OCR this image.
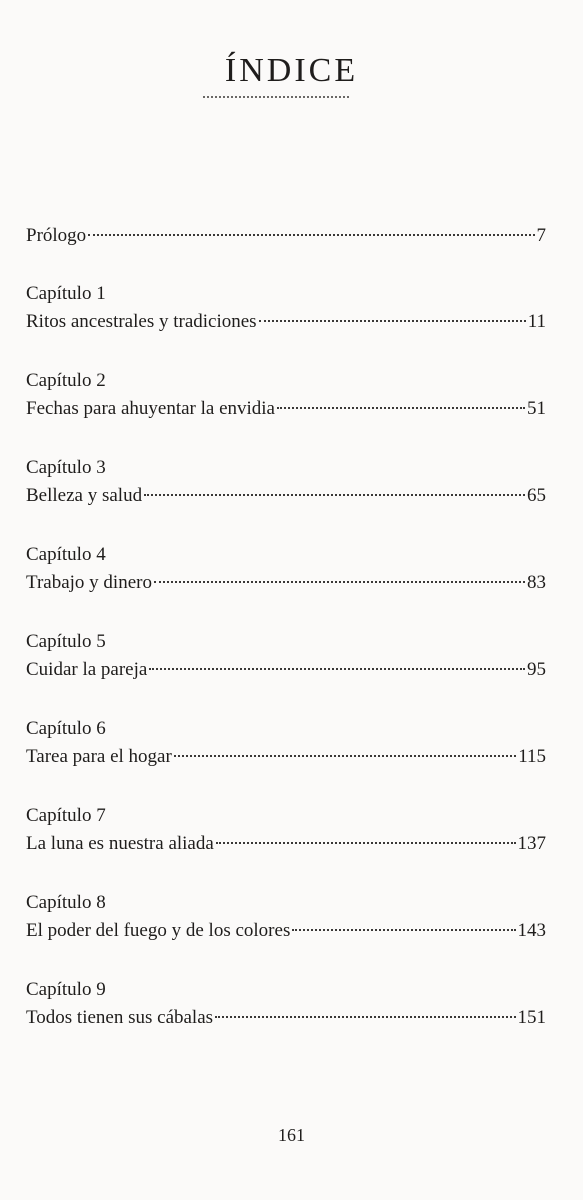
ÍNDICE
Prólogo	7
Capítulo 1
Ritos ancestrales y tradiciones	11
Capítulo 2
Fechas para ahuyentar la envidia	51
Capítulo 3
Belleza y salud	65
Capítulo 4
Trabajo y dinero	83
Capítulo 5
Cuidar la pareja	95
Capítulo 6
Tarea para el hogar	115
Capítulo 7
La luna es nuestra aliada	137
Capítulo 8
El poder del fuego y de los colores	143
Capítulo 9
Todos tienen sus cábalas	151
161
